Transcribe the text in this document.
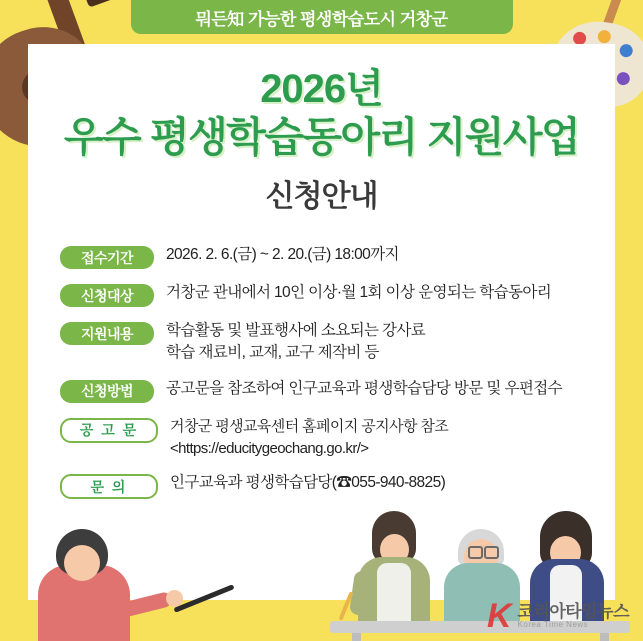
뭐든知 가능한 평생학습도시 거창군
2026년
우수 평생학습동아리 지원사업
신청안내
접수기간	2026. 2. 6.(금) ~ 2. 20.(금) 18:00까지
신청대상	거창군 관내에서 10인 이상·월 1회 이상 운영되는 학습동아리
지원내용	학습활동 및 발표행사에 소요되는 강사료
학습 재료비, 교재, 교구 제작비 등
신청방법	공고문을 참조하여 인구교육과 평생학습담당 방문 및 우편접수
공 고 문	거창군 평생교육센터 홈페이지 공지사항 참조
<https://educitygeochang.go.kr/>
문 의	인구교육과 평생학습담당(☎055-940-8825)
K 코리아타임뉴스
Korea Time News
